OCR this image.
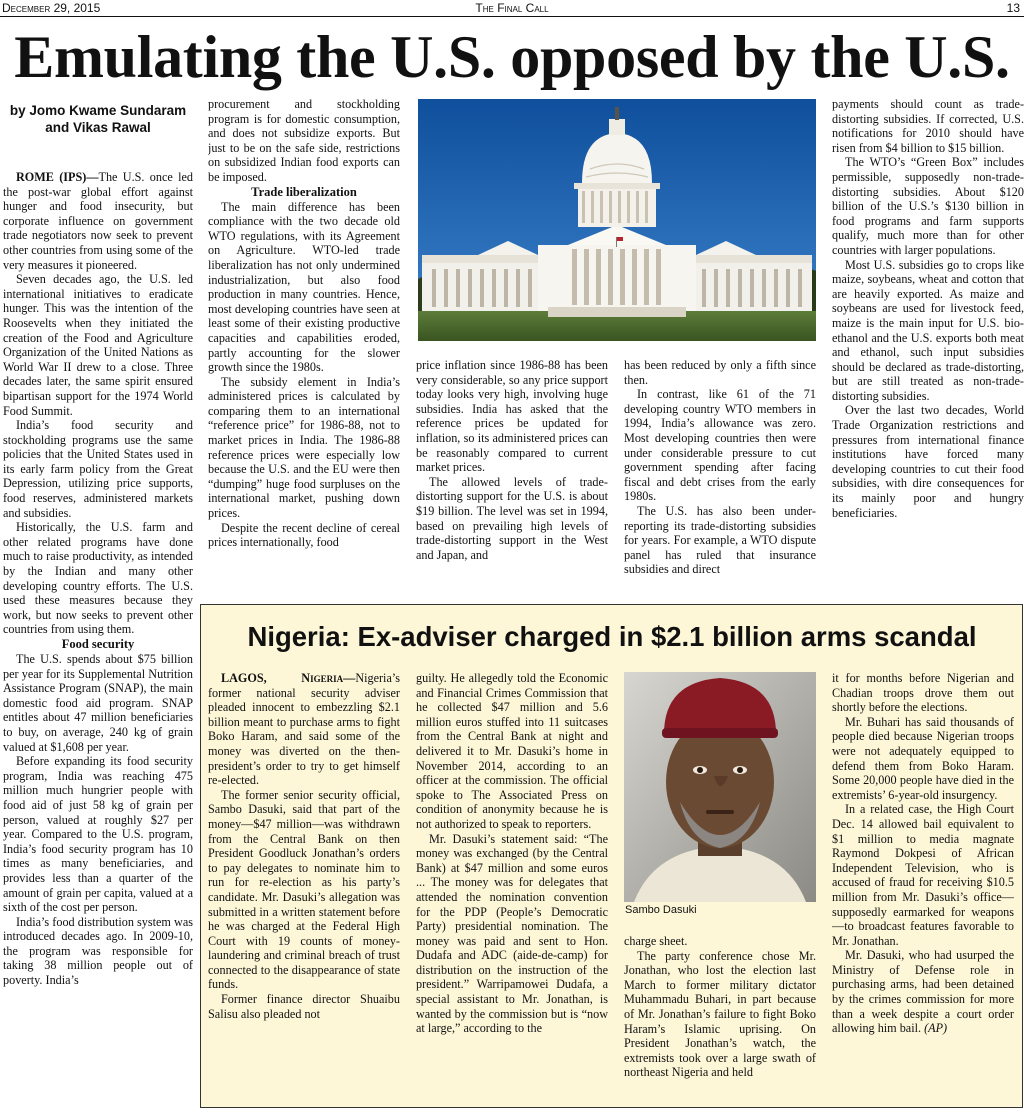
December 29, 2015	The Final Call	13
Emulating the U.S. opposed by the U.S.
by Jomo Kwame Sundaram and Vikas Rawal

ROME (IPS)—The U.S. once led the post-war global effort against hunger and food insecurity, but corporate influence on government trade negotiators now seek to prevent other countries from using some of the very measures it pioneered.

Seven decades ago, the U.S. led international initiatives to eradicate hunger. This was the intention of the Roosevelts when they initiated the creation of the Food and Agriculture Organization of the United Nations as World War II drew to a close. Three decades later, the same spirit ensured bipartisan support for the 1974 World Food Summit.

India’s food security and stockholding programs use the same policies that the United States used in its early farm policy from the Great Depression, utilizing price supports, food reserves, administered markets and subsidies.

Historically, the U.S. farm and other related programs have done much to raise productivity, as intended by the Indian and many other developing country efforts. The U.S. used these measures because they work, but now seeks to prevent other countries from using them.

Food security

The U.S. spends about $75 billion per year for its Supplemental Nutrition Assistance Program (SNAP), the main domestic food aid program. SNAP entitles about 47 million beneficiaries to buy, on average, 240 kg of grain valued at $1,608 per year.

Before expanding its food security program, India was reaching 475 million much hungrier people with food aid of just 58 kg of grain per person, valued at roughly $27 per year. Compared to the U.S. program, India’s food security program has 10 times as many beneficiaries, and provides less than a quarter of the amount of grain per capita, valued at a sixth of the cost per person.

India’s food distribution system was introduced decades ago. In 2009-10, the program was responsible for taking 38 million people out of poverty. India’s

procurement and stockholding program is for domestic consumption, and does not subsidize exports. But just to be on the safe side, restrictions on subsidized Indian food exports can be imposed.

Trade liberalization

The main difference has been compliance with the two decade old WTO regulations, with its Agreement on Agriculture. WTO-led trade liberalization has not only undermined industrialization, but also food production in many countries. Hence, most developing countries have seen at least some of their existing productive capacities and capabilities eroded, partly accounting for the slower growth since the 1980s.

The subsidy element in India’s administered prices is calculated by comparing them to an international “reference price” for 1986-88, not to market prices in India. The 1986-88 reference prices were especially low because the U.S. and the EU were then “dumping” huge food surpluses on the international market, pushing down prices.

Despite the recent decline of cereal prices internationally, food

price inflation since 1986-88 has been very considerable, so any price support today looks very high, involving huge subsidies. India has asked that the reference prices be updated for inflation, so its administered prices can be reasonably compared to current market prices.

The allowed levels of trade-distorting support for the U.S. is about $19 billion. The level was set in 1994, based on prevailing high levels of trade-distorting support in the West and Japan, and

has been reduced by only a fifth since then.

In contrast, like 61 of the 71 developing country WTO members in 1994, India’s allowance was zero. Most developing countries then were under considerable pressure to cut government spending after facing fiscal and debt crises from the early 1980s.

The U.S. has also been under-reporting its trade-distorting subsidies for years. For example, a WTO dispute panel has ruled that insurance subsidies and direct

payments should count as trade-distorting subsidies. If corrected, U.S. notifications for 2010 should have risen from $4 billion to $15 billion.

The WTO’s “Green Box” includes permissible, supposedly non-trade-distorting subsidies. About $120 billion of the U.S.’s $130 billion in food programs and farm supports qualify, much more than for other countries with larger populations.

Most U.S. subsidies go to crops like maize, soybeans, wheat and cotton that are heavily exported. As maize and soybeans are used for livestock feed, maize is the main input for U.S. bio-ethanol and the U.S. exports both meat and ethanol, such input subsidies should be declared as trade-distorting, but are still treated as non-trade-distorting subsidies.

Over the last two decades, World Trade Organization restrictions and pressures from international finance institutions have forced many developing countries to cut their food subsidies, with dire consequences for its mainly poor and hungry beneficiaries.

Nigeria: Ex-adviser charged in $2.1 billion arms scandal

LAGOS, Nigeria—Nigeria’s former national security adviser pleaded innocent to embezzling $2.1 billion meant to purchase arms to fight Boko Haram, and said some of the money was diverted on the then-president’s order to try to get himself re-elected.

The former senior security official, Sambo Dasuki, said that part of the money—$47 million—was withdrawn from the Central Bank on then President Goodluck Jonathan’s orders to pay delegates to nominate him to run for re-election as his party’s candidate. Mr. Dasuki’s allegation was submitted in a written statement before he was charged at the Federal High Court with 19 counts of money-laundering and criminal breach of trust connected to the disappearance of state funds.

Former finance director Shuaibu Salisu also pleaded not

guilty. He allegedly told the Economic and Financial Crimes Commission that he collected $47 million and 5.6 million euros stuffed into 11 suitcases from the Central Bank at night and delivered it to Mr. Dasuki’s home in November 2014, according to an officer at the commission. The official spoke to The Associated Press on condition of anonymity because he is not authorized to speak to reporters.

Mr. Dasuki’s statement said: “The money was exchanged (by the Central Bank) at $47 million and some euros ... The money was for delegates that attended the nomination convention for the PDP (People’s Democratic Party) presidential nomination. The money was paid and sent to Hon. Dudafa and ADC (aide-de-camp) for distribution on the instruction of the president.” Warripamowei Dudafa, a special assistant to Mr. Jonathan, is wanted by the commission but is “now at large,” according to the

Sambo Dasuki

charge sheet.

The party conference chose Mr. Jonathan, who lost the election last March to former military dictator Muhammadu Buhari, in part because of Mr. Jonathan’s failure to fight Boko Haram’s Islamic uprising. On President Jonathan’s watch, the extremists took over a large swath of northeast Nigeria and held

it for months before Nigerian and Chadian troops drove them out shortly before the elections.

Mr. Buhari has said thousands of people died because Nigerian troops were not adequately equipped to defend them from Boko Haram. Some 20,000 people have died in the extremists’ 6-year-old insurgency.

In a related case, the High Court Dec. 14 allowed bail equivalent to $1 million to media magnate Raymond Dokpesi of African Independent Television, who is accused of fraud for receiving $10.5 million from Mr. Dasuki’s office—supposedly earmarked for weapons—to broadcast features favorable to Mr. Jonathan.

Mr. Dasuki, who had usurped the Ministry of Defense role in purchasing arms, had been detained by the crimes commission for more than a week despite a court order allowing him bail. (AP)
